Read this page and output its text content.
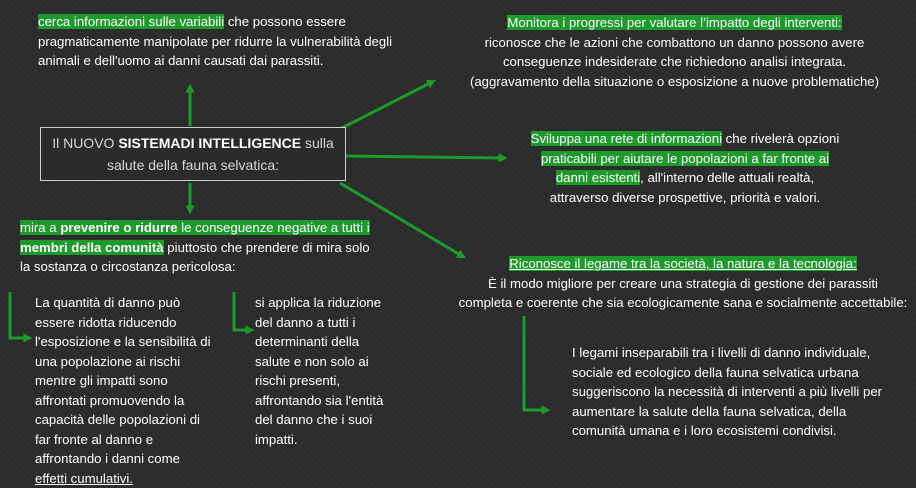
Il NUOVO SISTEMADI INTELLIGENCE sulla
salute della fauna selvatica:
cerca informazioni sulle variabili che possono essere pragmaticamente manipolate per ridurre la vulnerabilità degli animali e dell'uomo ai danni causati dai parassiti.
Monitora i progressi per valutare l’impatto degli interventi:
riconosce che le azioni che combattono un danno possono avere
conseguenze indesiderate che richiedono analisi integrata.
(aggravamento della situazione o esposizione a nuove problematiche)
Sviluppa una rete di informazioni che rivelerà opzioni
praticabili per aiutare le popolazioni a far fronte ai
danni esistenti, all'interno delle attuali realtà,
attraverso diverse prospettive, priorità e valori.
mira a prevenire o ridurre le conseguenze negative a tutti i
membri della comunità piuttosto che prendere di mira solo
la sostanza o circostanza pericolosa:	Riconosce il legame tra la società, la natura e la tecnologia:
È il modo migliore per creare una strategia di gestione dei parassiti
completa e coerente che sia ecologicamente sana e socialmente accettabile:
La quantità di danno può
essere ridotta riducendo
l'esposizione e la sensibilità di
una popolazione ai rischi
mentre gli impatti sono
affrontati promuovendo la
capacità delle popolazioni di
far fronte al danno e
affrontando i danni come
effetti cumulativi.
si applica la riduzione
del danno a tutti i
determinanti della
salute e non solo ai
rischi presenti,
affrontando sia l'entità
del danno che i suoi
impatti.
I legami inseparabili tra i livelli di danno individuale,
sociale ed ecologico della fauna selvatica urbana
suggeriscono la necessità di interventi a più livelli per
aumentare la salute della fauna selvatica, della
comunità umana e i loro ecosistemi condivisi.
